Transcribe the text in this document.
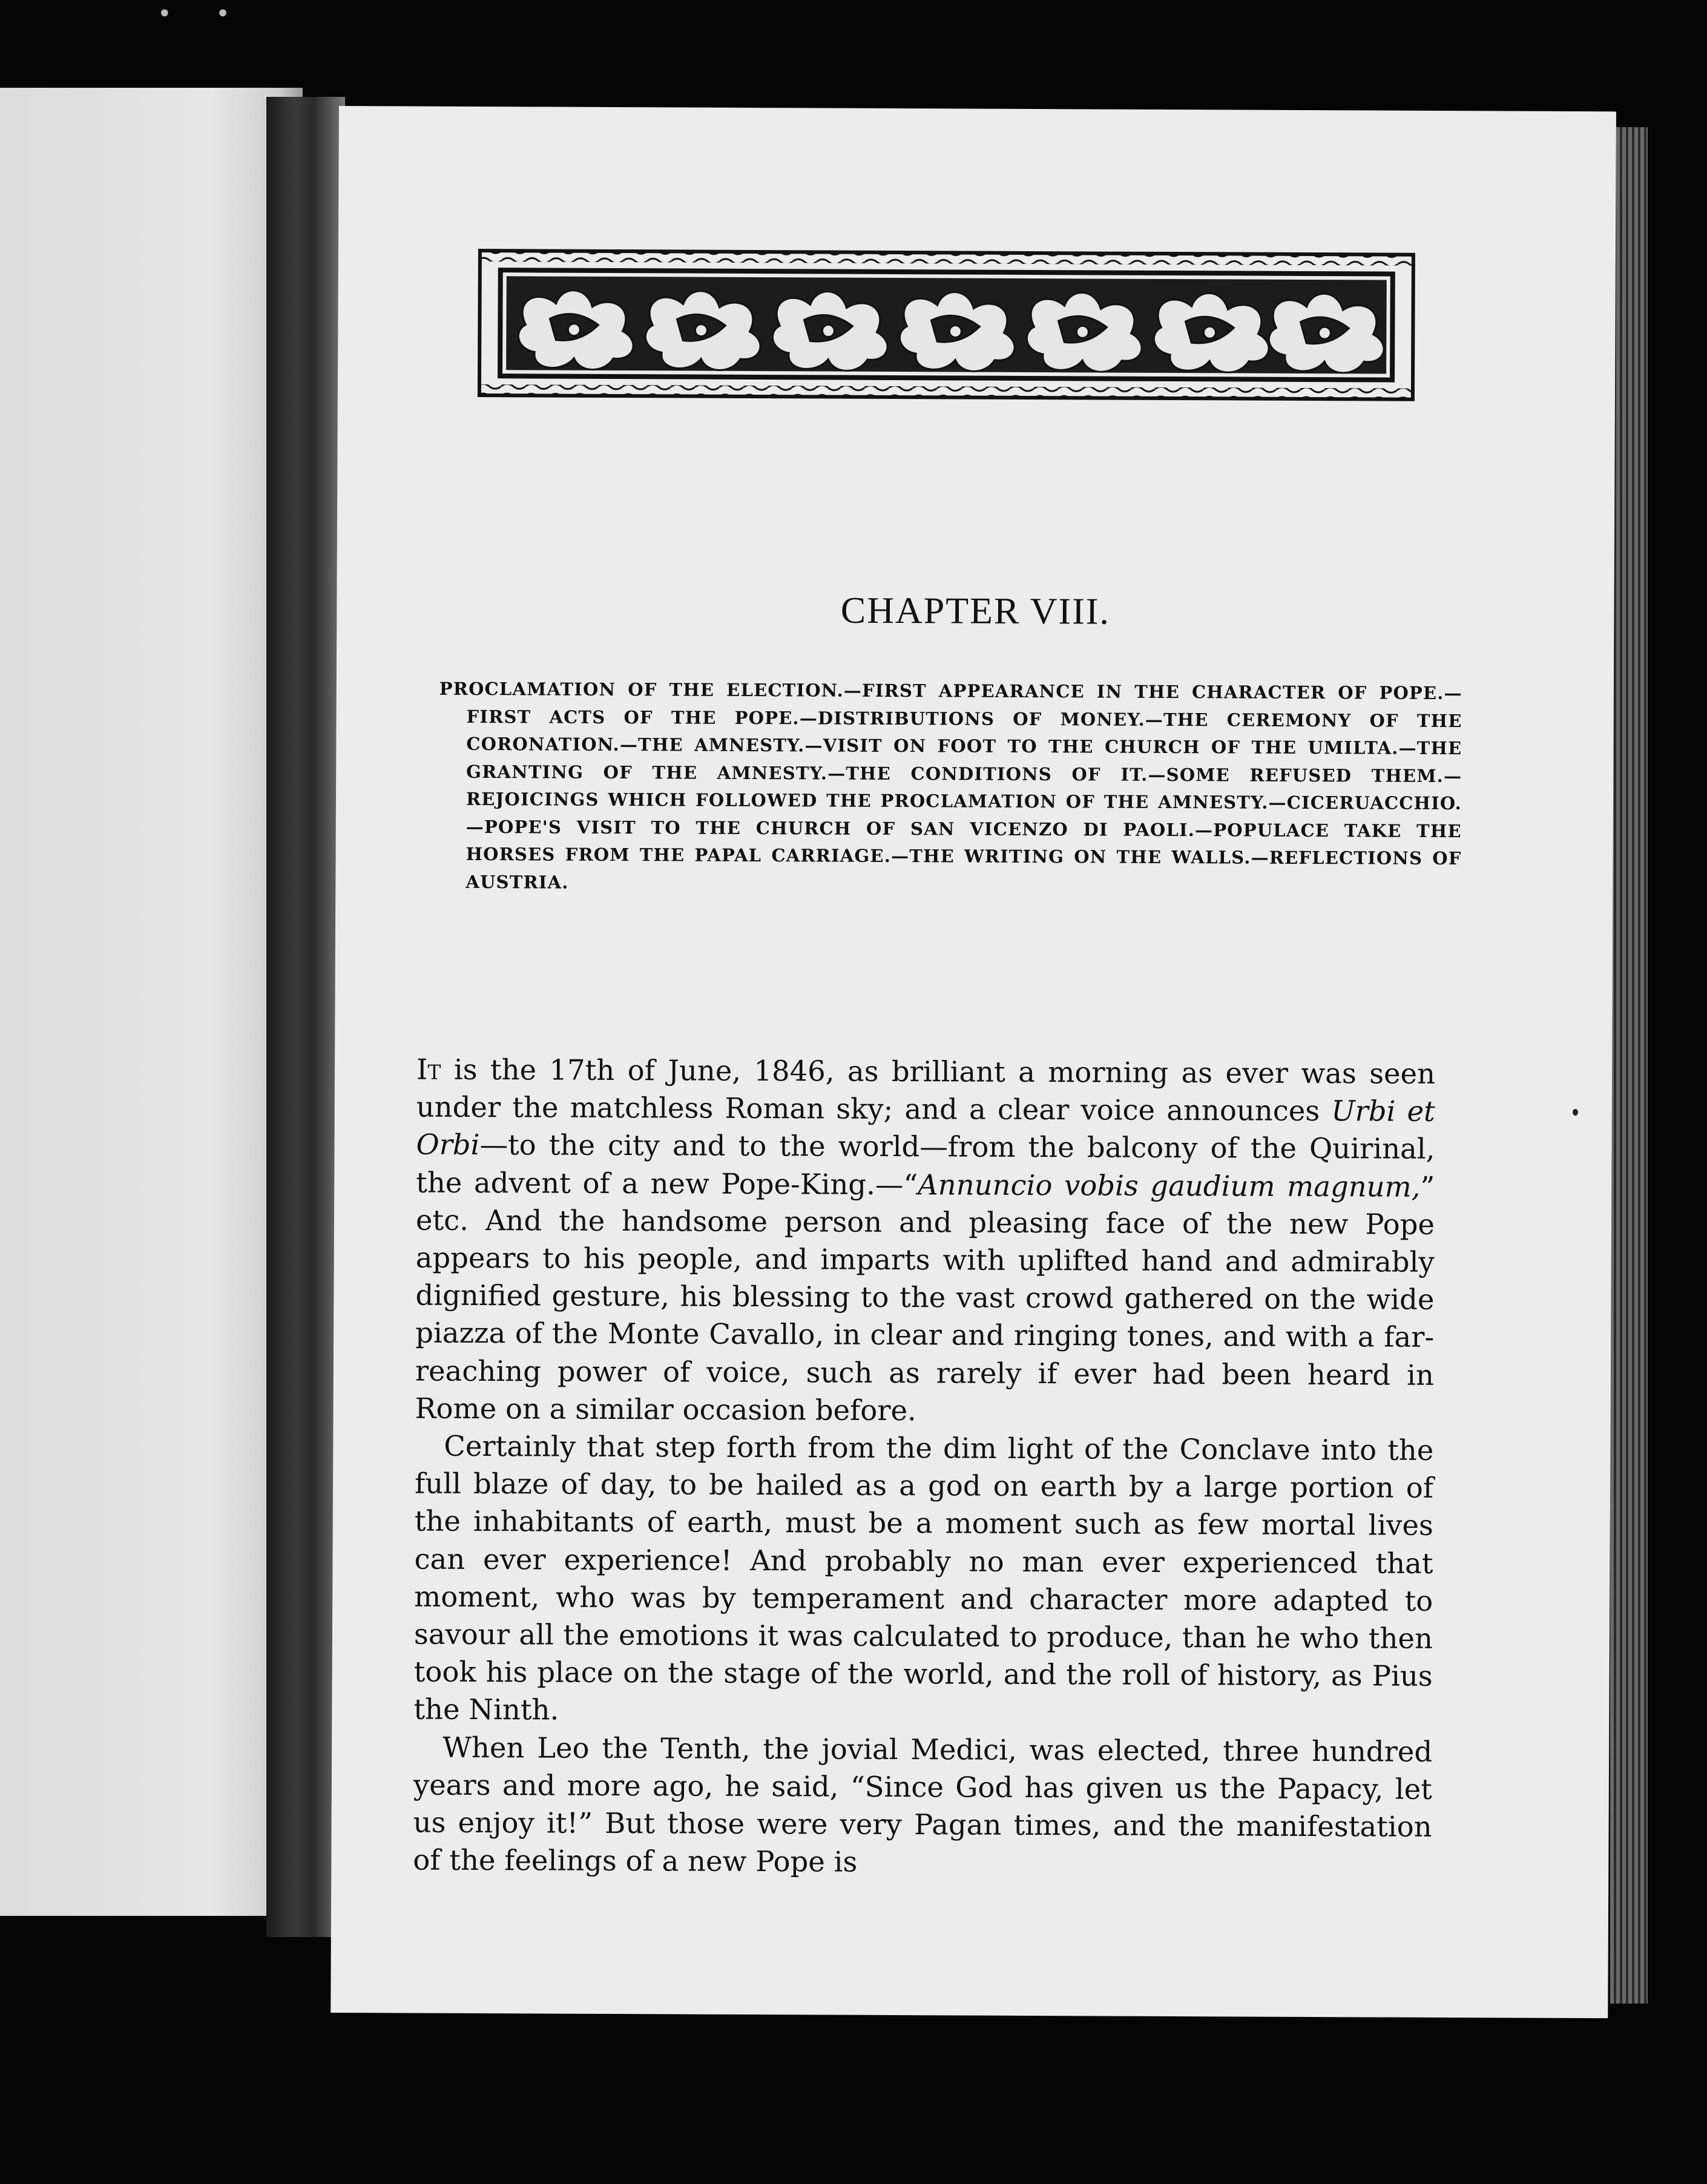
• •
CHAPTER VIII.

PROCLAMATION OF THE ELECTION.—FIRST APPEARANCE IN THE CHARACTER OF POPE.—FIRST ACTS OF THE POPE.—DISTRIBUTIONS OF MONEY.—THE CEREMONY OF THE CORONATION.—THE AMNESTY.—VISIT ON FOOT TO THE CHURCH OF THE UMILTA.—THE GRANTING OF THE AMNESTY.—THE CONDITIONS OF IT.—SOME REFUSED THEM.—REJOICINGS WHICH FOLLOWED THE PROCLAMATION OF THE AMNESTY.—CICERUACCHIO.—POPE'S VISIT TO THE CHURCH OF SAN VICENZO DI PAOLI.—POPULACE TAKE THE HORSES FROM THE PAPAL CARRIAGE.—THE WRITING ON THE WALLS.—REFLECTIONS OF AUSTRIA.

It is the 17th of June, 1846, as brilliant a morning as ever was seen under the matchless Roman sky; and a clear voice announces Urbi et Orbi—to the city and to the world—from the balcony of the Quirinal, the advent of a new Pope-King.—“Annuncio vobis gaudium magnum,” etc. And the handsome person and pleasing face of the new Pope appears to his people, and imparts with uplifted hand and admirably dignified gesture, his blessing to the vast crowd gathered on the wide piazza of the Monte Cavallo, in clear and ringing tones, and with a far-reaching power of voice, such as rarely if ever had been heard in Rome on a similar occasion before.

Certainly that step forth from the dim light of the Conclave into the full blaze of day, to be hailed as a god on earth by a large portion of the inhabitants of earth, must be a moment such as few mortal lives can ever experience! And probably no man ever experienced that moment, who was by temperament and character more adapted to savour all the emotions it was calculated to produce, than he who then took his place on the stage of the world, and the roll of history, as Pius the Ninth.

When Leo the Tenth, the jovial Medici, was elected, three hundred years and more ago, he said, “Since God has given us the Papacy, let us enjoy it!” But those were very Pagan times, and the manifestation of the feelings of a new Pope is
